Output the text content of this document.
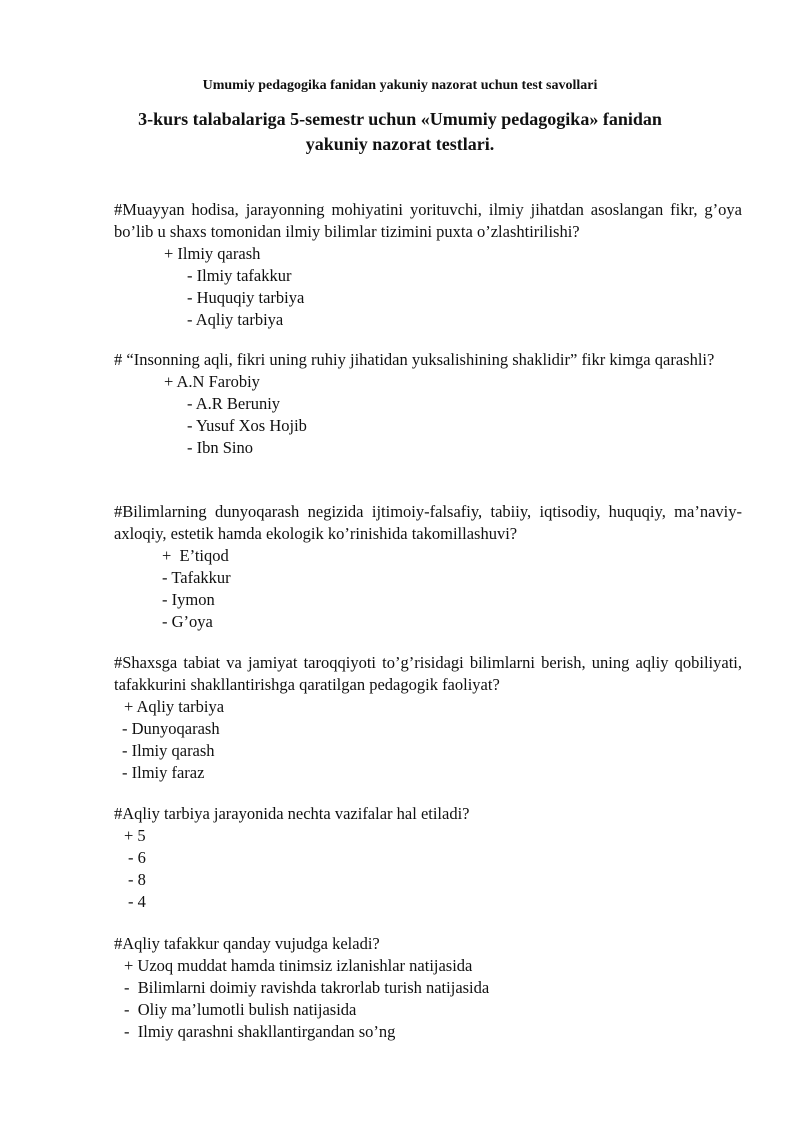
Umumiy pedagogika fanidan yakuniy nazorat uchun test savollari
3-kurs talabalariga 5-semestr uchun «Umumiy pedagogika» fanidan yakuniy nazorat testlari.
#Muayyan hodisa, jarayonning mohiyatini yorituvchi, ilmiy jihatdan asoslangan fikr, g’oya bo’lib u shaxs tomonidan ilmiy bilimlar tizimini puxta o’zlashtirilishi?
+ Ilmiy qarash
- Ilmiy tafakkur
- Huquqiy tarbiya
- Aqliy tarbiya
# “Insonning aqli, fikri uning ruhiy jihatidan yuksalishining shaklidir” fikr kimga qarashli?
+ A.N Farobiy
- A.R Beruniy
- Yusuf Xos Hojib
- Ibn Sino
#Bilimlarning dunyoqarash negizida ijtimoiy-falsafiy, tabiiy, iqtisodiy, huquqiy, ma’naviy-axloqiy, estetik hamda ekologik ko’rinishida takomillashuvi?
+  E’tiqod
- Tafakkur
- Iymon
- G’oya
#Shaxsga tabiat va jamiyat taroqqiyoti to’g’risidagi bilimlarni berish, uning aqliy qobiliyati, tafakkurini shakllantirishga qaratilgan pedagogik faoliyat?
+ Aqliy tarbiya
- Dunyoqarash
- Ilmiy qarash
- Ilmiy faraz
#Aqliy tarbiya jarayonida nechta vazifalar hal etiladi?
+ 5
- 6
- 8
- 4
#Aqliy tafakkur qanday vujudga keladi?
+ Uzoq muddat hamda tinimsiz izlanishlar natijasida
-  Bilimlarni doimiy ravishda takrorlab turish natijasida
-  Oliy ma’lumotli bulish natijasida
-  Ilmiy qarashni shakllantirgandan so’ng
